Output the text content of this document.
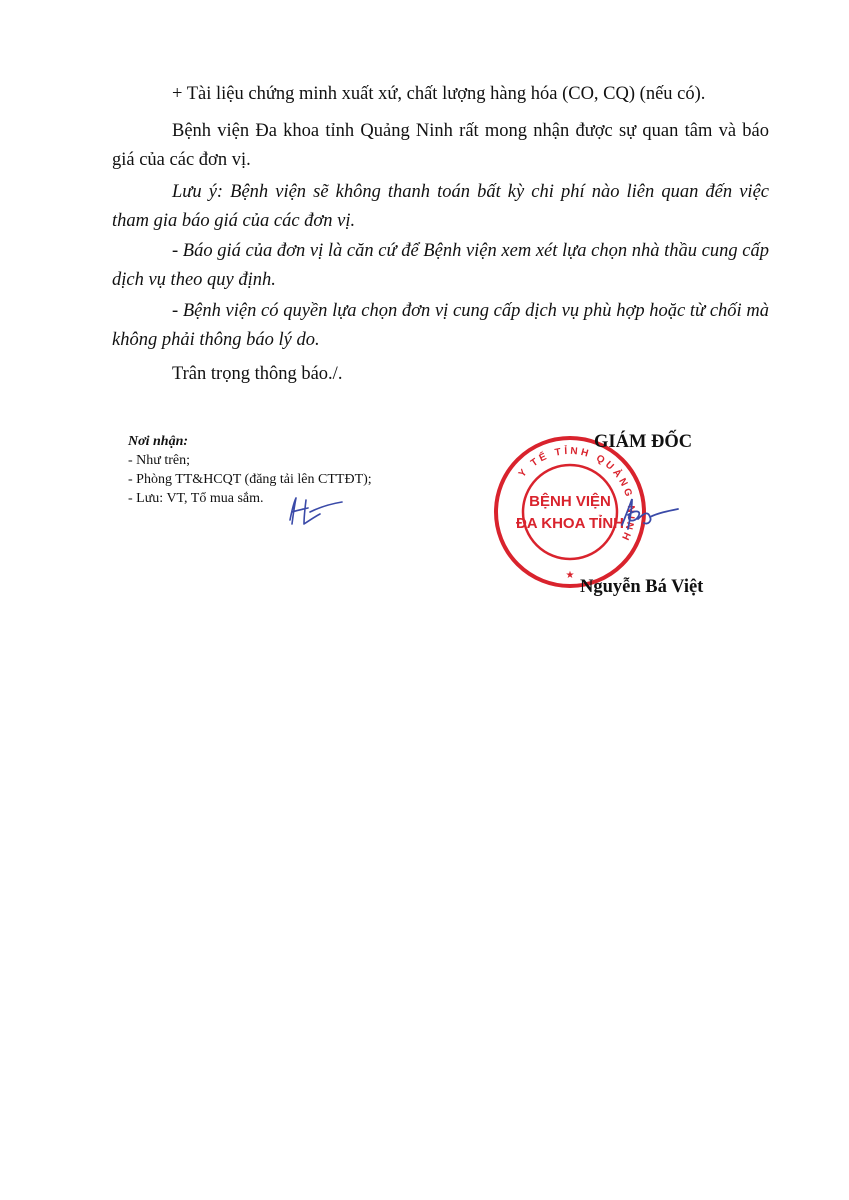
+ Tài liệu chứng minh xuất xứ, chất lượng hàng hóa (CO, CQ) (nếu có).

Bệnh viện Đa khoa tỉnh Quảng Ninh rất mong nhận được sự quan tâm và báo giá của các đơn vị.

Lưu ý: Bệnh viện sẽ không thanh toán bất kỳ chi phí nào liên quan đến việc tham gia báo giá của các đơn vị.

- Báo giá của đơn vị là căn cứ để Bệnh viện xem xét lựa chọn nhà thầu cung cấp dịch vụ theo quy định.

- Bệnh viện có quyền lựa chọn đơn vị cung cấp dịch vụ phù hợp hoặc từ chối mà không phải thông báo lý do.

Trân trọng thông báo./.

Nơi nhận:
- Như trên;
- Phòng TT&HCQT (đăng tải lên CTTĐT);
- Lưu: VT, Tổ mua sắm.
Y TẾ TỈNH QUẢNG NINH
BỆNH VIỆN
ĐA KHOA TỈNH
★
GIÁM ĐỐC
Nguyễn Bá Việt
